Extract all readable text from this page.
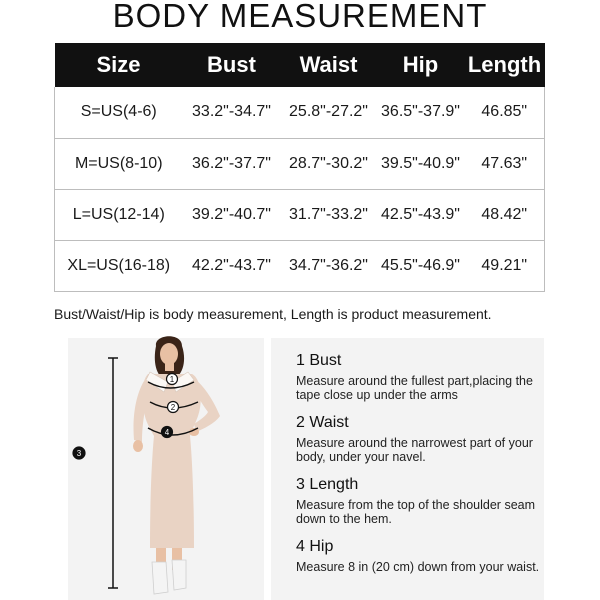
BODY MEASUREMENT
Size	Bust	Waist	Hip	Length
S=US(4-6)	33.2"-34.7"	25.8"-27.2"	36.5"-37.9"	46.85"
M=US(8-10)	36.2"-37.7"	28.7"-30.2"	39.5"-40.9"	47.63"
L=US(12-14)	39.2"-40.7"	31.7"-33.2"	42.5"-43.9"	48.42"
XL=US(16-18)	42.2"-43.7"	34.7"-36.2"	45.5"-46.9"	49.21"
Bust/Waist/Hip is body measurement, Length is product measurement.
1
2
3
4
1 Bust
Measure around the fullest part,placing the tape close up under the arms
2 Waist
Measure around the narrowest part of your body, under your navel.
3 Length
Measure from the top of the shoulder seam down to the hem.
4 Hip
Measure 8 in (20 cm) down from your waist.
